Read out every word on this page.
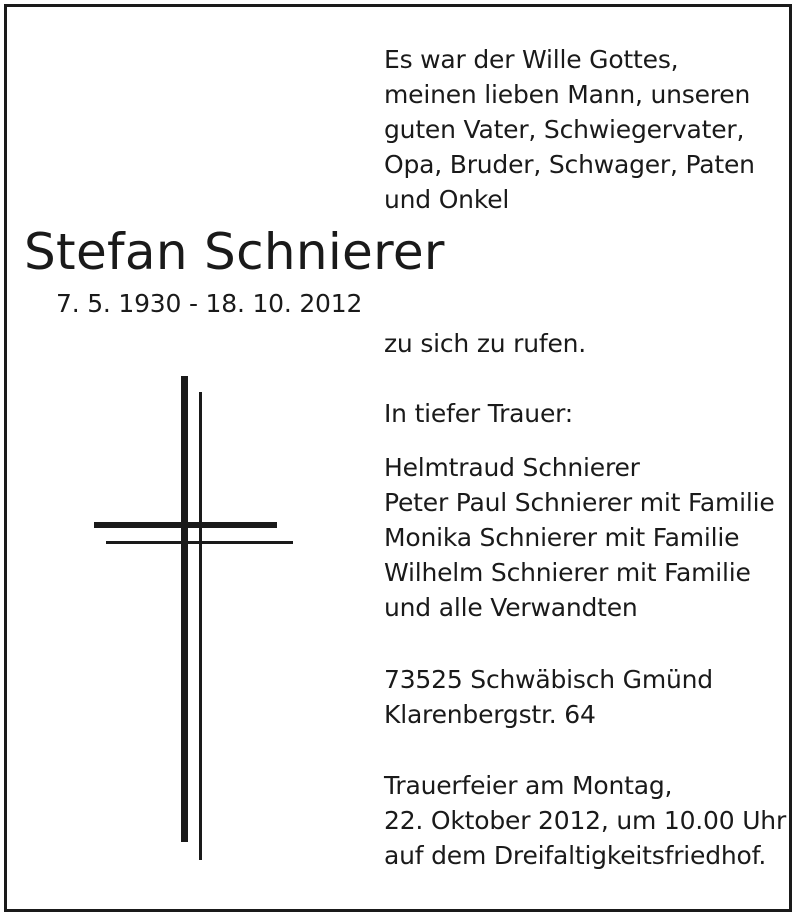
Es war der Wille Gottes,
meinen lieben Mann, unseren
guten Vater, Schwiegervater,
Opa, Bruder, Schwager, Paten
und Onkel
Stefan Schnierer
7. 5. 1930 - 18. 10. 2012
zu sich zu rufen.
In tiefer Trauer:
Helmtraud Schnierer
Peter Paul Schnierer mit Familie
Monika Schnierer mit Familie
Wilhelm Schnierer mit Familie
und alle Verwandten
73525 Schwäbisch Gmünd
Klarenbergstr. 64
Trauerfeier am Montag,
22. Oktober 2012, um 10.00 Uhr
auf dem Dreifaltigkeitsfriedhof.
